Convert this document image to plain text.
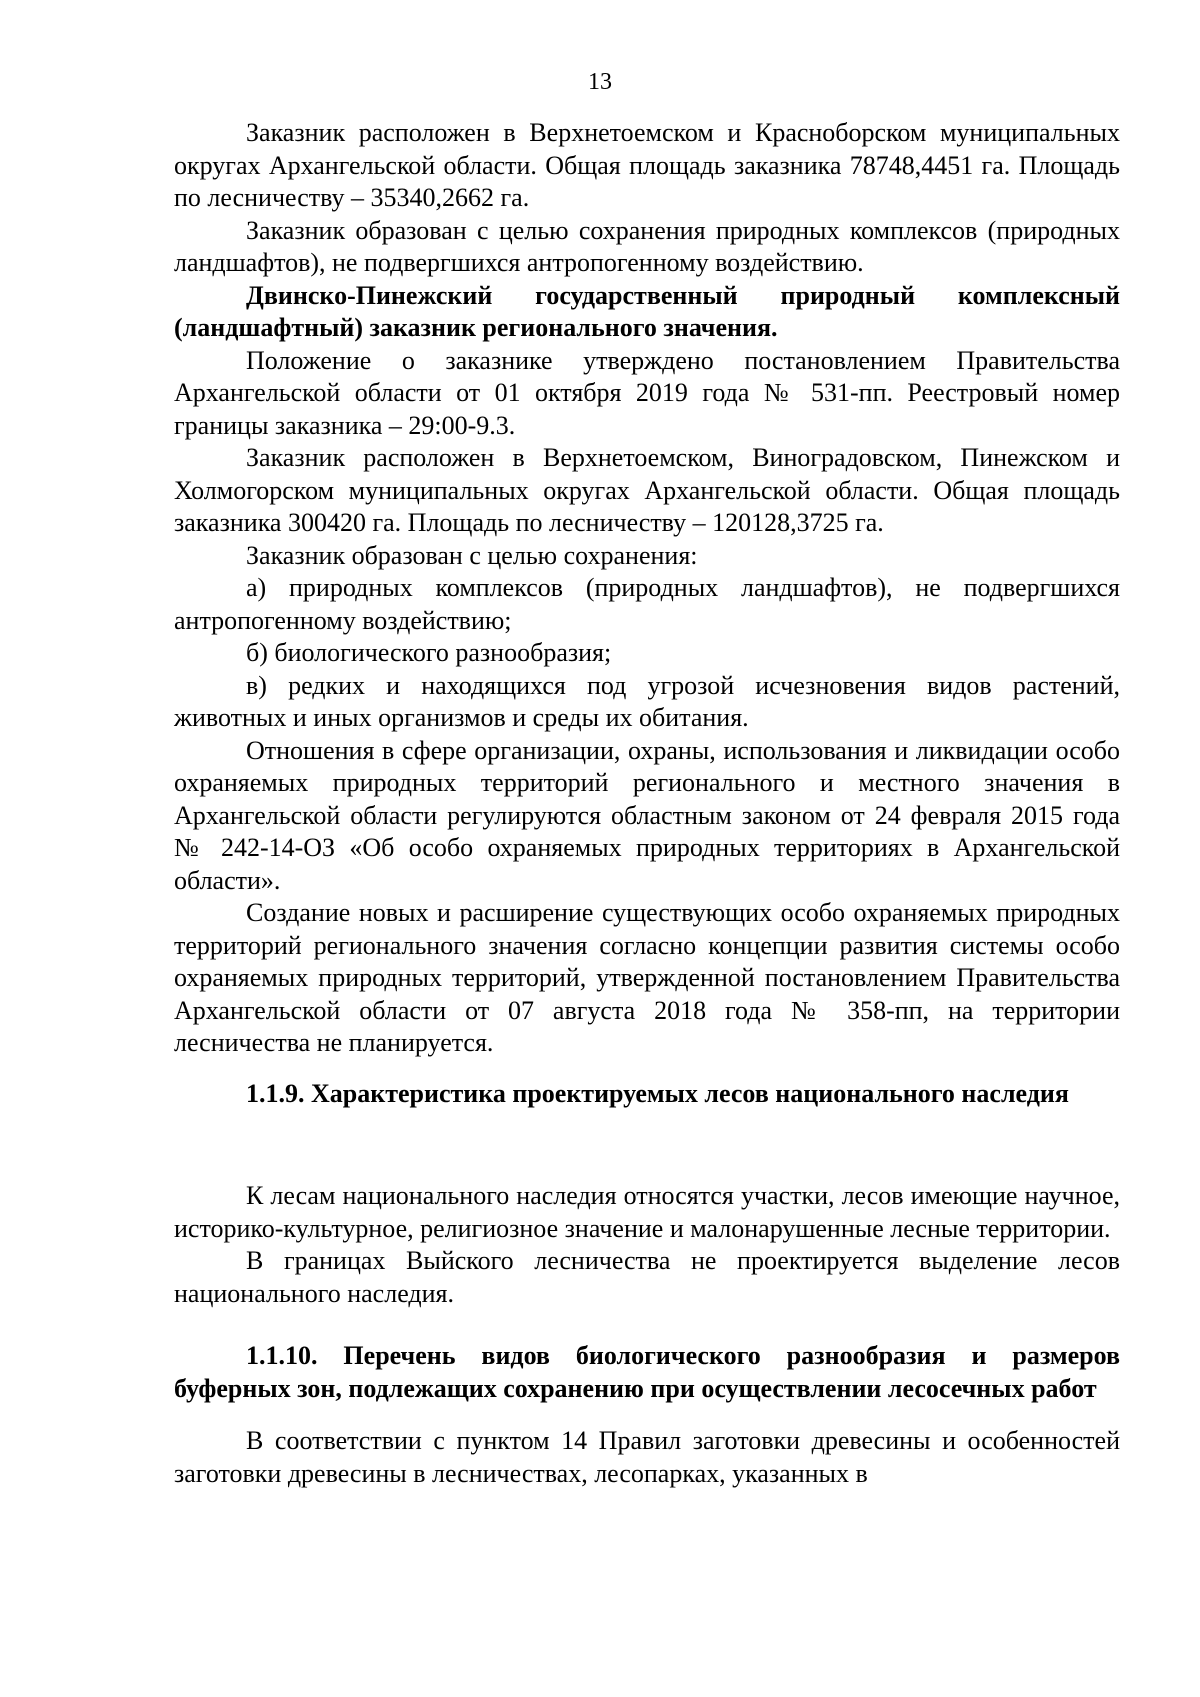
13

Заказник расположен в Верхнетоемском и Красноборском муниципальных округах Архангельской области. Общая площадь заказника 78748,4451 га. Площадь по лесничеству – 35340,2662 га.

Заказник образован с целью сохранения природных комплексов (природных ландшафтов), не подвергшихся антропогенному воздействию.

Двинско-Пинежский государственный природный комплексный (ландшафтный) заказник регионального значения.

Положение о заказнике утверждено постановлением Правительства Архангельской области от 01 октября 2019 года № 531-пп. Реестровый номер границы заказника – 29:00-9.3.

Заказник расположен в Верхнетоемском, Виноградовском, Пинежском и Холмогорском муниципальных округах Архангельской области. Общая площадь заказника 300420 га. Площадь по лесничеству – 120128,3725 га.

Заказник образован с целью сохранения:

а) природных комплексов (природных ландшафтов), не подвергшихся антропогенному воздействию;

б) биологического разнообразия;

в) редких и находящихся под угрозой исчезновения видов растений, животных и иных организмов и среды их обитания.

Отношения в сфере организации, охраны, использования и ликвидации особо охраняемых природных территорий регионального и местного значения в Архангельской области регулируются областным законом от 24 февраля 2015 года № 242-14-ОЗ «Об особо охраняемых природных территориях в Архангельской области».

Создание новых и расширение существующих особо охраняемых природных территорий регионального значения согласно концепции развития системы особо охраняемых природных территорий, утвержденной постановлением Правительства Архангельской области от 07 августа 2018 года № 358-пп, на территории лесничества не планируется.

1.1.9. Характеристика проектируемых лесов национального наследия

К лесам национального наследия относятся участки, лесов имеющие научное, историко-культурное, религиозное значение и малонарушенные лесные территории.

В границах Выйского лесничества не проектируется выделение лесов национального наследия.

1.1.10. Перечень видов биологического разнообразия и размеров буферных зон, подлежащих сохранению при осуществлении лесосечных работ

В соответствии с пунктом 14 Правил заготовки древесины и особенностей заготовки древесины в лесничествах, лесопарках, указанных в
